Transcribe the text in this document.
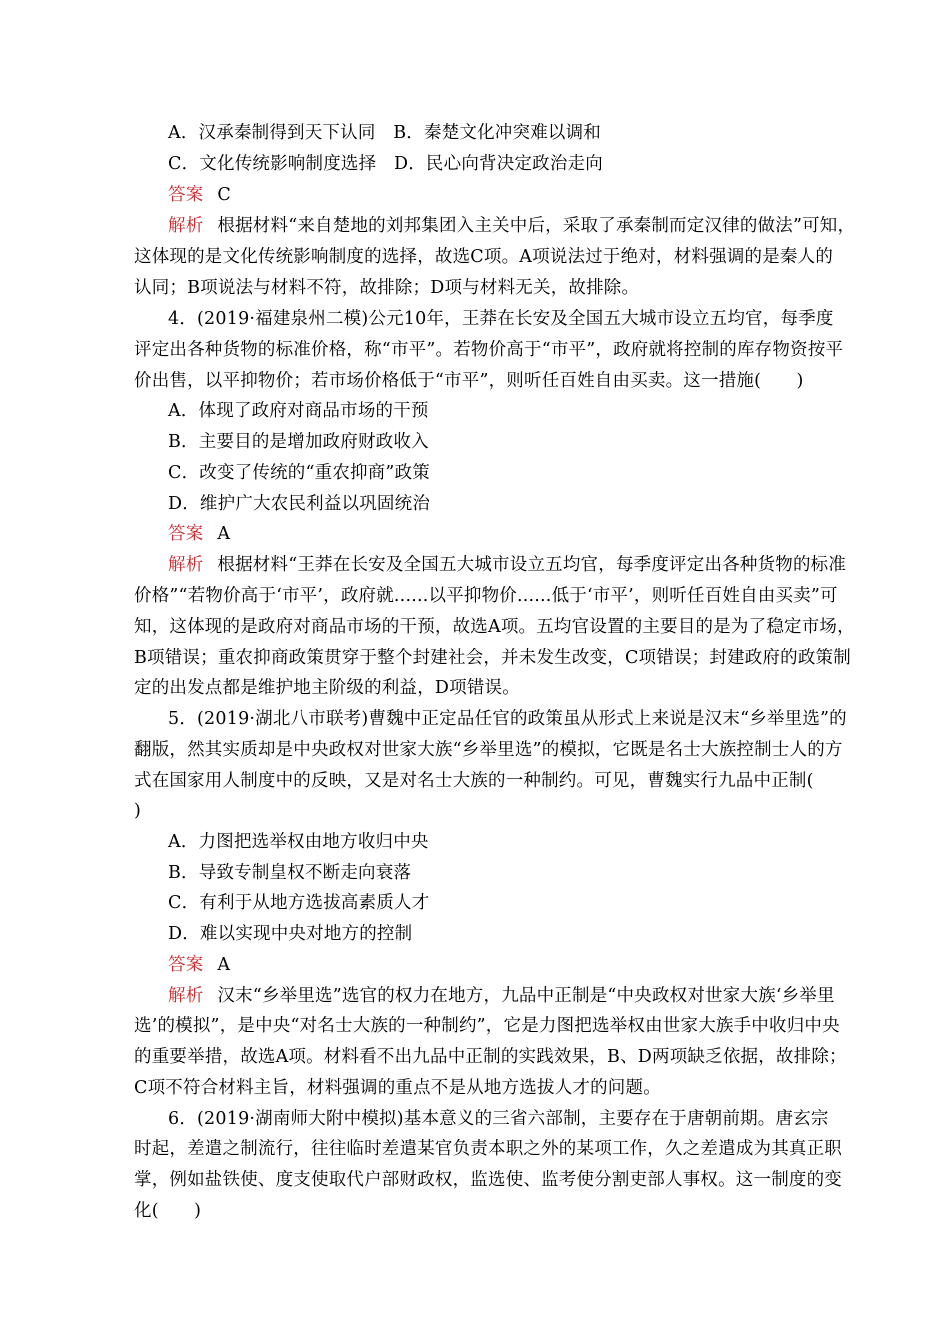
A．汉承秦制得到天下认同　B．秦楚文化冲突难以调和
C．文化传统影响制度选择　D．民心向背决定政治走向
答案 C
解析 根据材料“来自楚地的刘邦集团入主关中后，采取了承秦制而定汉律的做法”可知，
这体现的是文化传统影响制度的选择，故选C项。A项说法过于绝对，材料强调的是秦人的
认同；B项说法与材料不符，故排除；D项与材料无关，故排除。
4．(2019·福建泉州二模)公元10年，王莽在长安及全国五大城市设立五均官，每季度
评定出各种货物的标准价格，称“市平”。若物价高于“市平”，政府就将控制的库存物资按平
价出售，以平抑物价；若市场价格低于“市平”，则听任百姓自由买卖。这一措施(　　)
A．体现了政府对商品市场的干预
B．主要目的是增加政府财政收入
C．改变了传统的“重农抑商”政策
D．维护广大农民利益以巩固统治
答案 A
解析 根据材料“王莽在长安及全国五大城市设立五均官，每季度评定出各种货物的标准
价格”“若物价高于‘市平’，政府就......以平抑物价......低于‘市平’，则听任百姓自由买卖”可
知，这体现的是政府对商品市场的干预，故选A项。五均官设置的主要目的是为了稳定市场，
B项错误；重农抑商政策贯穿于整个封建社会，并未发生改变，C项错误；封建政府的政策制
定的出发点都是维护地主阶级的利益，D项错误。
5．(2019·湖北八市联考)曹魏中正定品任官的政策虽从形式上来说是汉末“乡举里选”的
翻版，然其实质却是中央政权对世家大族“乡举里选”的模拟，它既是名士大族控制士人的方
式在国家用人制度中的反映，又是对名士大族的一种制约。可见，曹魏实行九品中正制(
)
A．力图把选举权由地方收归中央
B．导致专制皇权不断走向衰落
C．有利于从地方选拔高素质人才
D．难以实现中央对地方的控制
答案 A
解析 汉末“乡举里选”选官的权力在地方，九品中正制是“中央政权对世家大族‘乡举里
选’的模拟”，是中央“对名士大族的一种制约”，它是力图把选举权由世家大族手中收归中央
的重要举措，故选A项。材料看不出九品中正制的实践效果，B、D两项缺乏依据，故排除；
C项不符合材料主旨，材料强调的重点不是从地方选拔人才的问题。
6．(2019·湖南师大附中模拟)基本意义的三省六部制，主要存在于唐朝前期。唐玄宗
时起，差遣之制流行，往往临时差遣某官负责本职之外的某项工作，久之差遣成为其真正职
掌，例如盐铁使、度支使取代户部财政权，监选使、监考使分割吏部人事权。这一制度的变
化(　　)
